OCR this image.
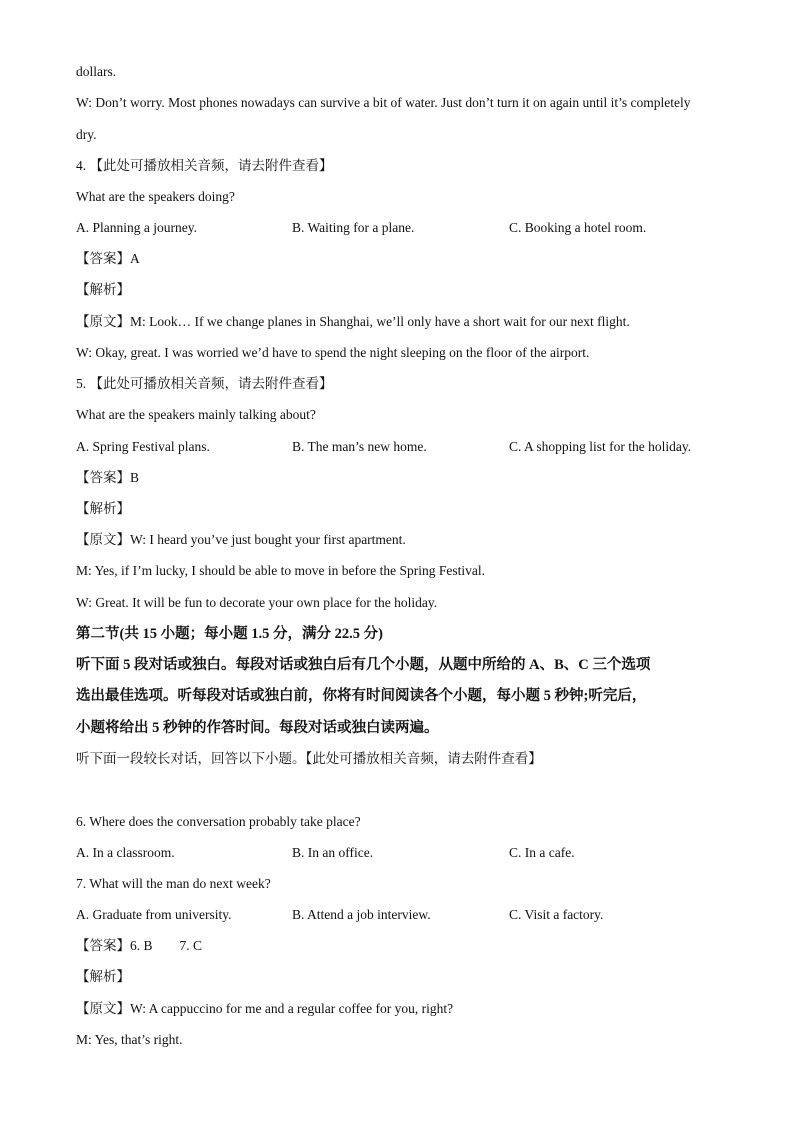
dollars.
W: Don’t worry. Most phones nowadays can survive a bit of water. Just don’t turn it on again until it’s completely
dry.
4. 【此处可播放相关音频，请去附件查看】
What are the speakers doing?
A. Planning a journey.	B. Waiting for a plane.	C. Booking a hotel room.
【答案】A
【解析】
【原文】M: Look… If we change planes in Shanghai, we’ll only have a short wait for our next flight.
W: Okay, great. I was worried we’d have to spend the night sleeping on the floor of the airport.
5. 【此处可播放相关音频，请去附件查看】
What are the speakers mainly talking about?
A. Spring Festival plans.	B. The man’s new home.	C. A shopping list for the holiday.
【答案】B
【解析】
【原文】W: I heard you’ve just bought your first apartment.
M: Yes, if I’m lucky, I should be able to move in before the Spring Festival.
W: Great. It will be fun to decorate your own place for the holiday.
第二节(共 15 小题；每小题 1.5 分，满分 22.5 分)
听下面 5 段对话或独白。每段对话或独白后有几个小题，从题中所给的 A、B、C 三个选项
选出最佳选项。听每段对话或独白前，你将有时间阅读各个小题，每小题 5 秒钟;听完后，
小题将给出 5 秒钟的作答时间。每段对话或独白读两遍。
听下面一段较长对话，回答以下小题。【此处可播放相关音频，请去附件查看】
6. Where does the conversation probably take place?
A. In a classroom.	B. In an office.	C. In a cafe.
7. What will the man do next week?
A. Graduate from university.	B. Attend a job interview.	C. Visit a factory.
【答案】6. B        7. C
【解析】
【原文】W: A cappuccino for me and a regular coffee for you, right?
M: Yes, that’s right.
